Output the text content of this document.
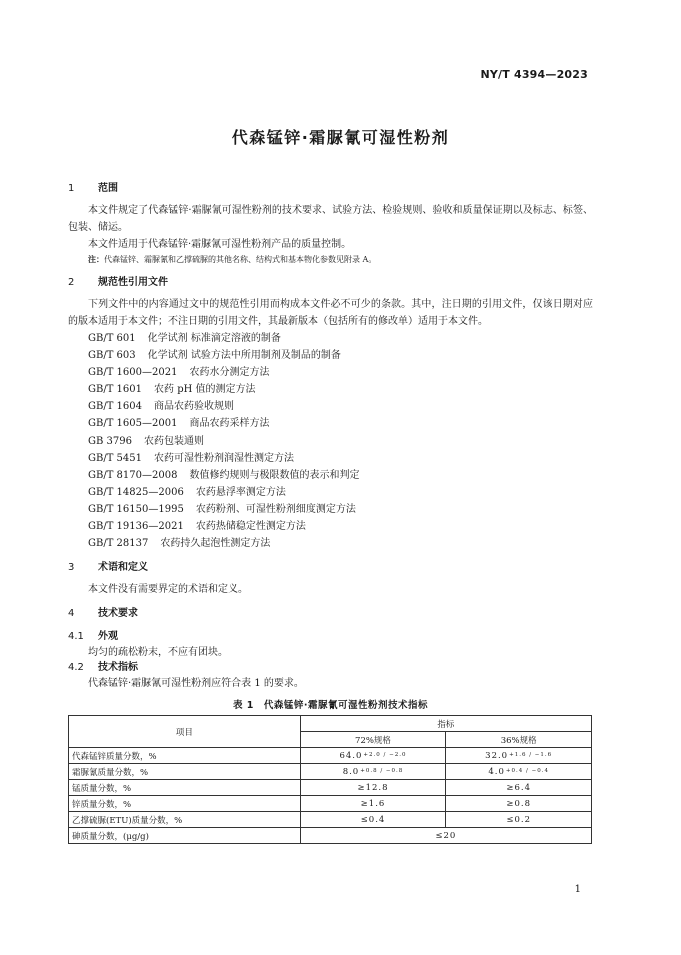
NY/T 4394—2023
代森锰锌·霜脲氰可湿性粉剂
1 范围

本文件规定了代森锰锌·霜脲氰可湿性粉剂的技术要求、试验方法、检验规则、验收和质量保证期以及标志、标签、包装、储运。

本文件适用于代森锰锌·霜脲氰可湿性粉剂产品的质量控制。

注：代森锰锌、霜脲氰和乙撑硫脲的其他名称、结构式和基本物化参数见附录 A。

2 规范性引用文件

下列文件中的内容通过文中的规范性引用而构成本文件必不可少的条款。其中，注日期的引用文件，仅该日期对应的版本适用于本文件；不注日期的引用文件，其最新版本（包括所有的修改单）适用于本文件。

GB/T 601 化学试剂 标准滴定溶液的制备

GB/T 603 化学试剂 试验方法中所用制剂及制品的制备

GB/T 1600—2021 农药水分测定方法

GB/T 1601 农药 pH 值的测定方法

GB/T 1604 商品农药验收规则

GB/T 1605—2001 商品农药采样方法

GB 3796 农药包装通则

GB/T 5451 农药可湿性粉剂润湿性测定方法

GB/T 8170—2008 数值修约规则与极限数值的表示和判定

GB/T 14825—2006 农药悬浮率测定方法

GB/T 16150—1995 农药粉剂、可湿性粉剂细度测定方法

GB/T 19136—2021 农药热储稳定性测定方法

GB/T 28137 农药持久起泡性测定方法

3 术语和定义

本文件没有需要界定的术语和定义。

4 技术要求
4.1 外观

均匀的疏松粉末，不应有团块。

4.2 技术指标

代森锰锌·霜脲氰可湿性粉剂应符合表 1 的要求。

表 1　代森锰锌·霜脲氰可湿性粉剂技术指标
项目	指标	
	72%规格	36%规格
代森锰锌质量分数，%	64.0+2.0 / −2.0	32.0+1.6 / −1.6
霜脲氰质量分数，%	8.0+0.8 / −0.8	4.0+0.4 / −0.4
锰质量分数，%	≥12.8	≥6.4
锌质量分数，%	≥1.6	≥0.8
乙撑硫脲(ETU)质量分数，%	≤0.4	≤0.2
砷质量分数，(μg/g)	≤20	
1
